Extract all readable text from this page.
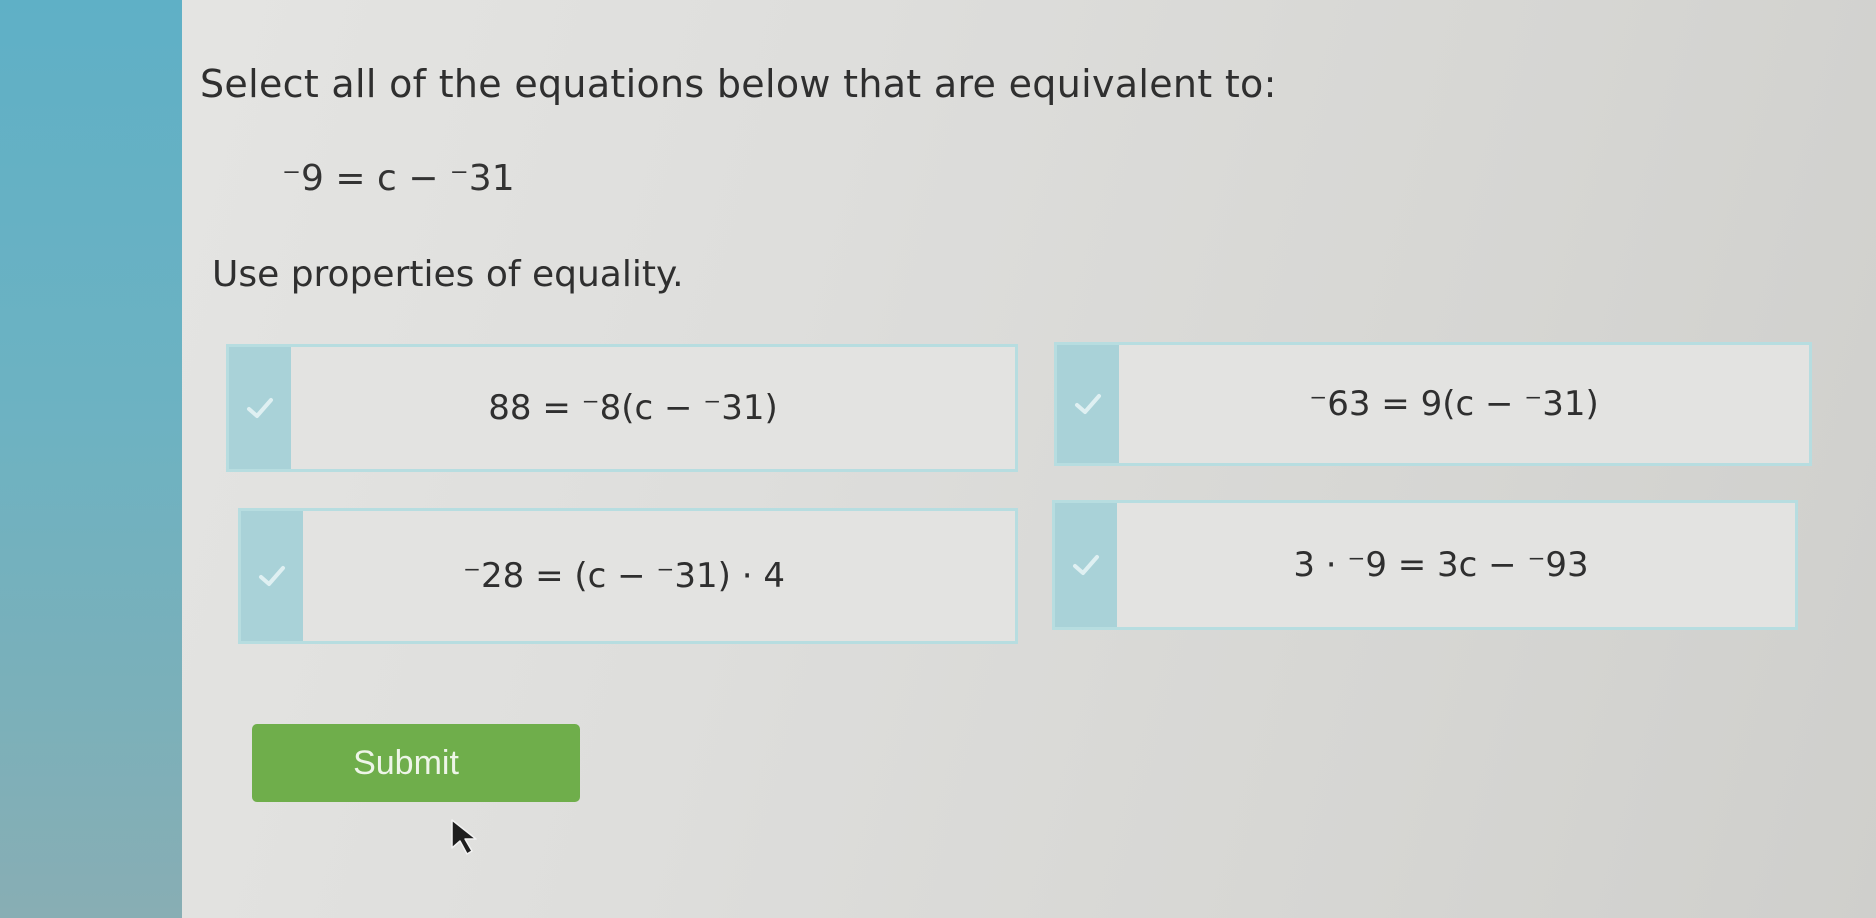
Select all of the equations below that are equivalent to:
⁻9 = c − ⁻31
Use properties of equality.
88 = ⁻8(c − ⁻31)	⁻63 = 9(c − ⁻31)
⁻28 = (c − ⁻31) · 4	3 · ⁻9 = 3c − ⁻93
Submit
